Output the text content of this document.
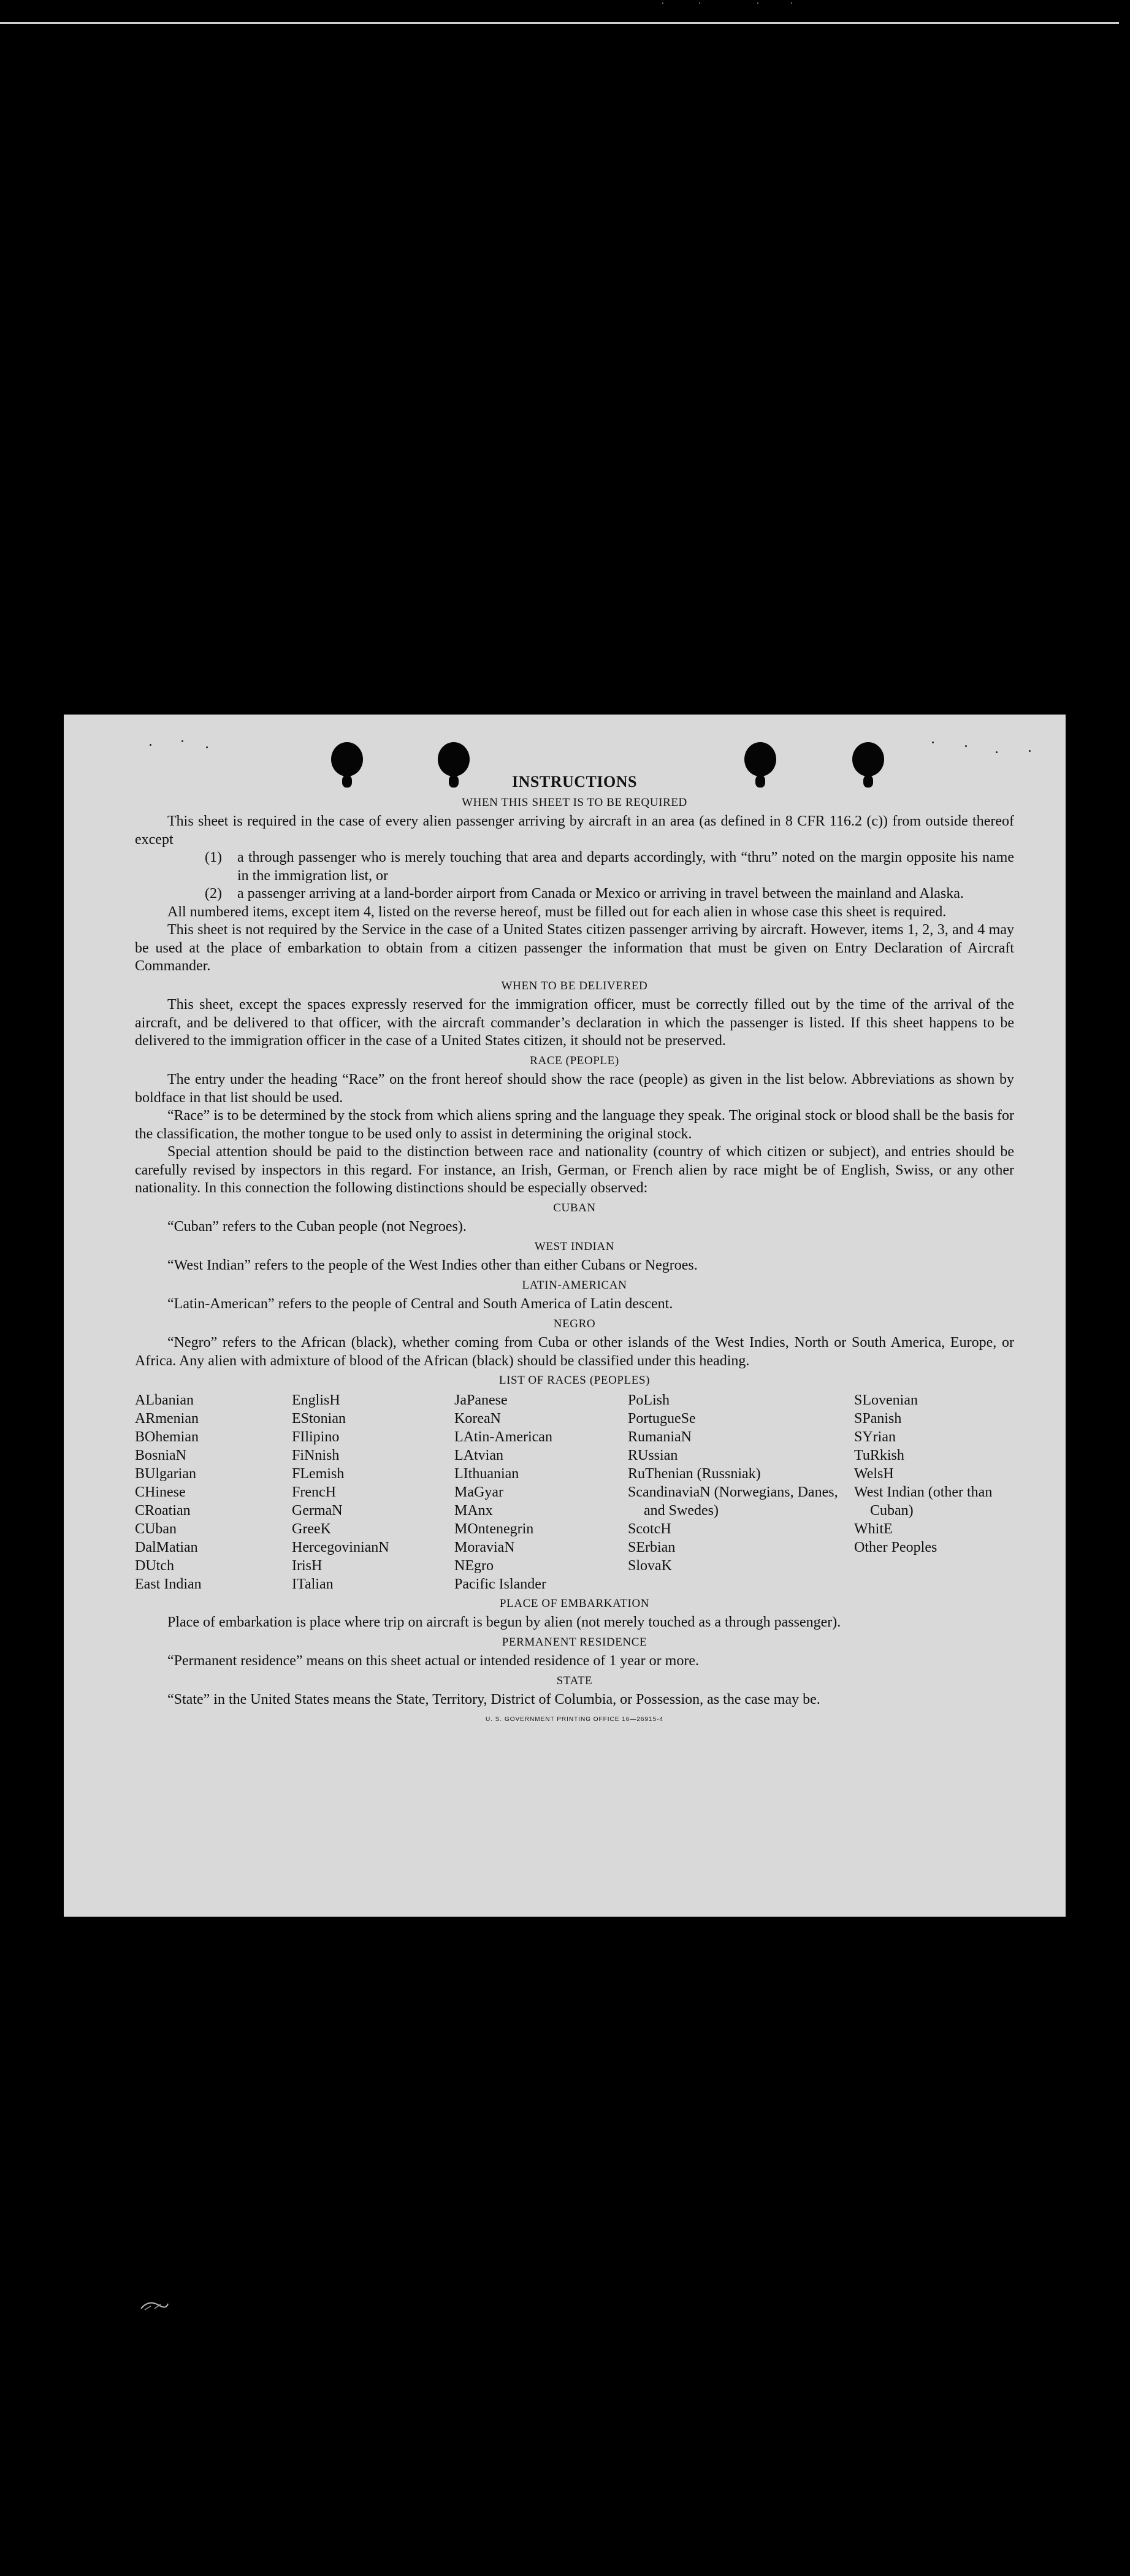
INSTRUCTIONS
WHEN THIS SHEET IS TO BE REQUIRED

This sheet is required in the case of every alien passenger arriving by aircraft in an area (as defined in 8 CFR 116.2 (c)) from outside thereof except

(1)	a through passenger who is merely touching that area and departs accordingly, with “thru” noted on the margin opposite his name in the immigration list, or
(2)	a passenger arriving at a land-border airport from Canada or Mexico or arriving in travel between the mainland and Alaska.

All numbered items, except item 4, listed on the reverse hereof, must be filled out for each alien in whose case this sheet is required.

This sheet is not required by the Service in the case of a United States citizen passenger arriving by aircraft. However, items 1, 2, 3, and 4 may be used at the place of embarkation to obtain from a citizen passenger the information that must be given on Entry Declaration of Aircraft Commander.

WHEN TO BE DELIVERED

This sheet, except the spaces expressly reserved for the immigration officer, must be correctly filled out by the time of the arrival of the aircraft, and be delivered to that officer, with the aircraft commander’s declaration in which the passenger is listed. If this sheet happens to be delivered to the immigration officer in the case of a United States citizen, it should not be preserved.

RACE (PEOPLE)

The entry under the heading “Race” on the front hereof should show the race (people) as given in the list below. Abbreviations as shown by boldface in that list should be used.

“Race” is to be determined by the stock from which aliens spring and the language they speak. The original stock or blood shall be the basis for the classification, the mother tongue to be used only to assist in determining the original stock.

Special attention should be paid to the distinction between race and nationality (country of which citizen or subject), and entries should be carefully revised by inspectors in this regard. For instance, an Irish, German, or French alien by race might be of English, Swiss, or any other nationality. In this connection the following distinctions should be especially observed:

CUBAN

“Cuban” refers to the Cuban people (not Negroes).

WEST INDIAN

“West Indian” refers to the people of the West Indies other than either Cubans or Negroes.

LATIN-AMERICAN

“Latin-American” refers to the people of Central and South America of Latin descent.

NEGRO

“Negro” refers to the African (black), whether coming from Cuba or other islands of the West Indies, North or South America, Europe, or Africa. Any alien with admixture of blood of the African (black) should be classified under this heading.

LIST OF RACES (PEOPLES)
ALbanian
ARmenian
BOhemian
BosniaN
BUlgarian
CHinese
CRoatian
CUban
DalMatian
DUtch
East Indian
EnglisH
EStonian
FIlipino
FiNnish
FLemish
FrencH
GermaN
GreeK
HercegovinianN
IrisH
ITalian
JaPanese
KoreaN
LAtin-American
LAtvian
LIthuanian
MaGyar
MAnx
MOntenegrin
MoraviaN
NEgro
Pacific Islander
PoLish
PortugueSe
RumaniaN
RUssian
RuThenian (Russniak)
ScandinaviaN (Norwegians, Danes, and Swedes)
ScotcH
SErbian
SlovaK
SLovenian
SPanish
SYrian
TuRkish
WelsH
West Indian (other than Cuban)
WhitE
Other Peoples
PLACE OF EMBARKATION

Place of embarkation is place where trip on aircraft is begun by alien (not merely touched as a through passenger).

PERMANENT RESIDENCE

“Permanent residence” means on this sheet actual or intended residence of 1 year or more.

STATE

“State” in the United States means the State, Territory, District of Columbia, or Possession, as the case may be.

U. S. GOVERNMENT PRINTING OFFICE 16—26915-4
